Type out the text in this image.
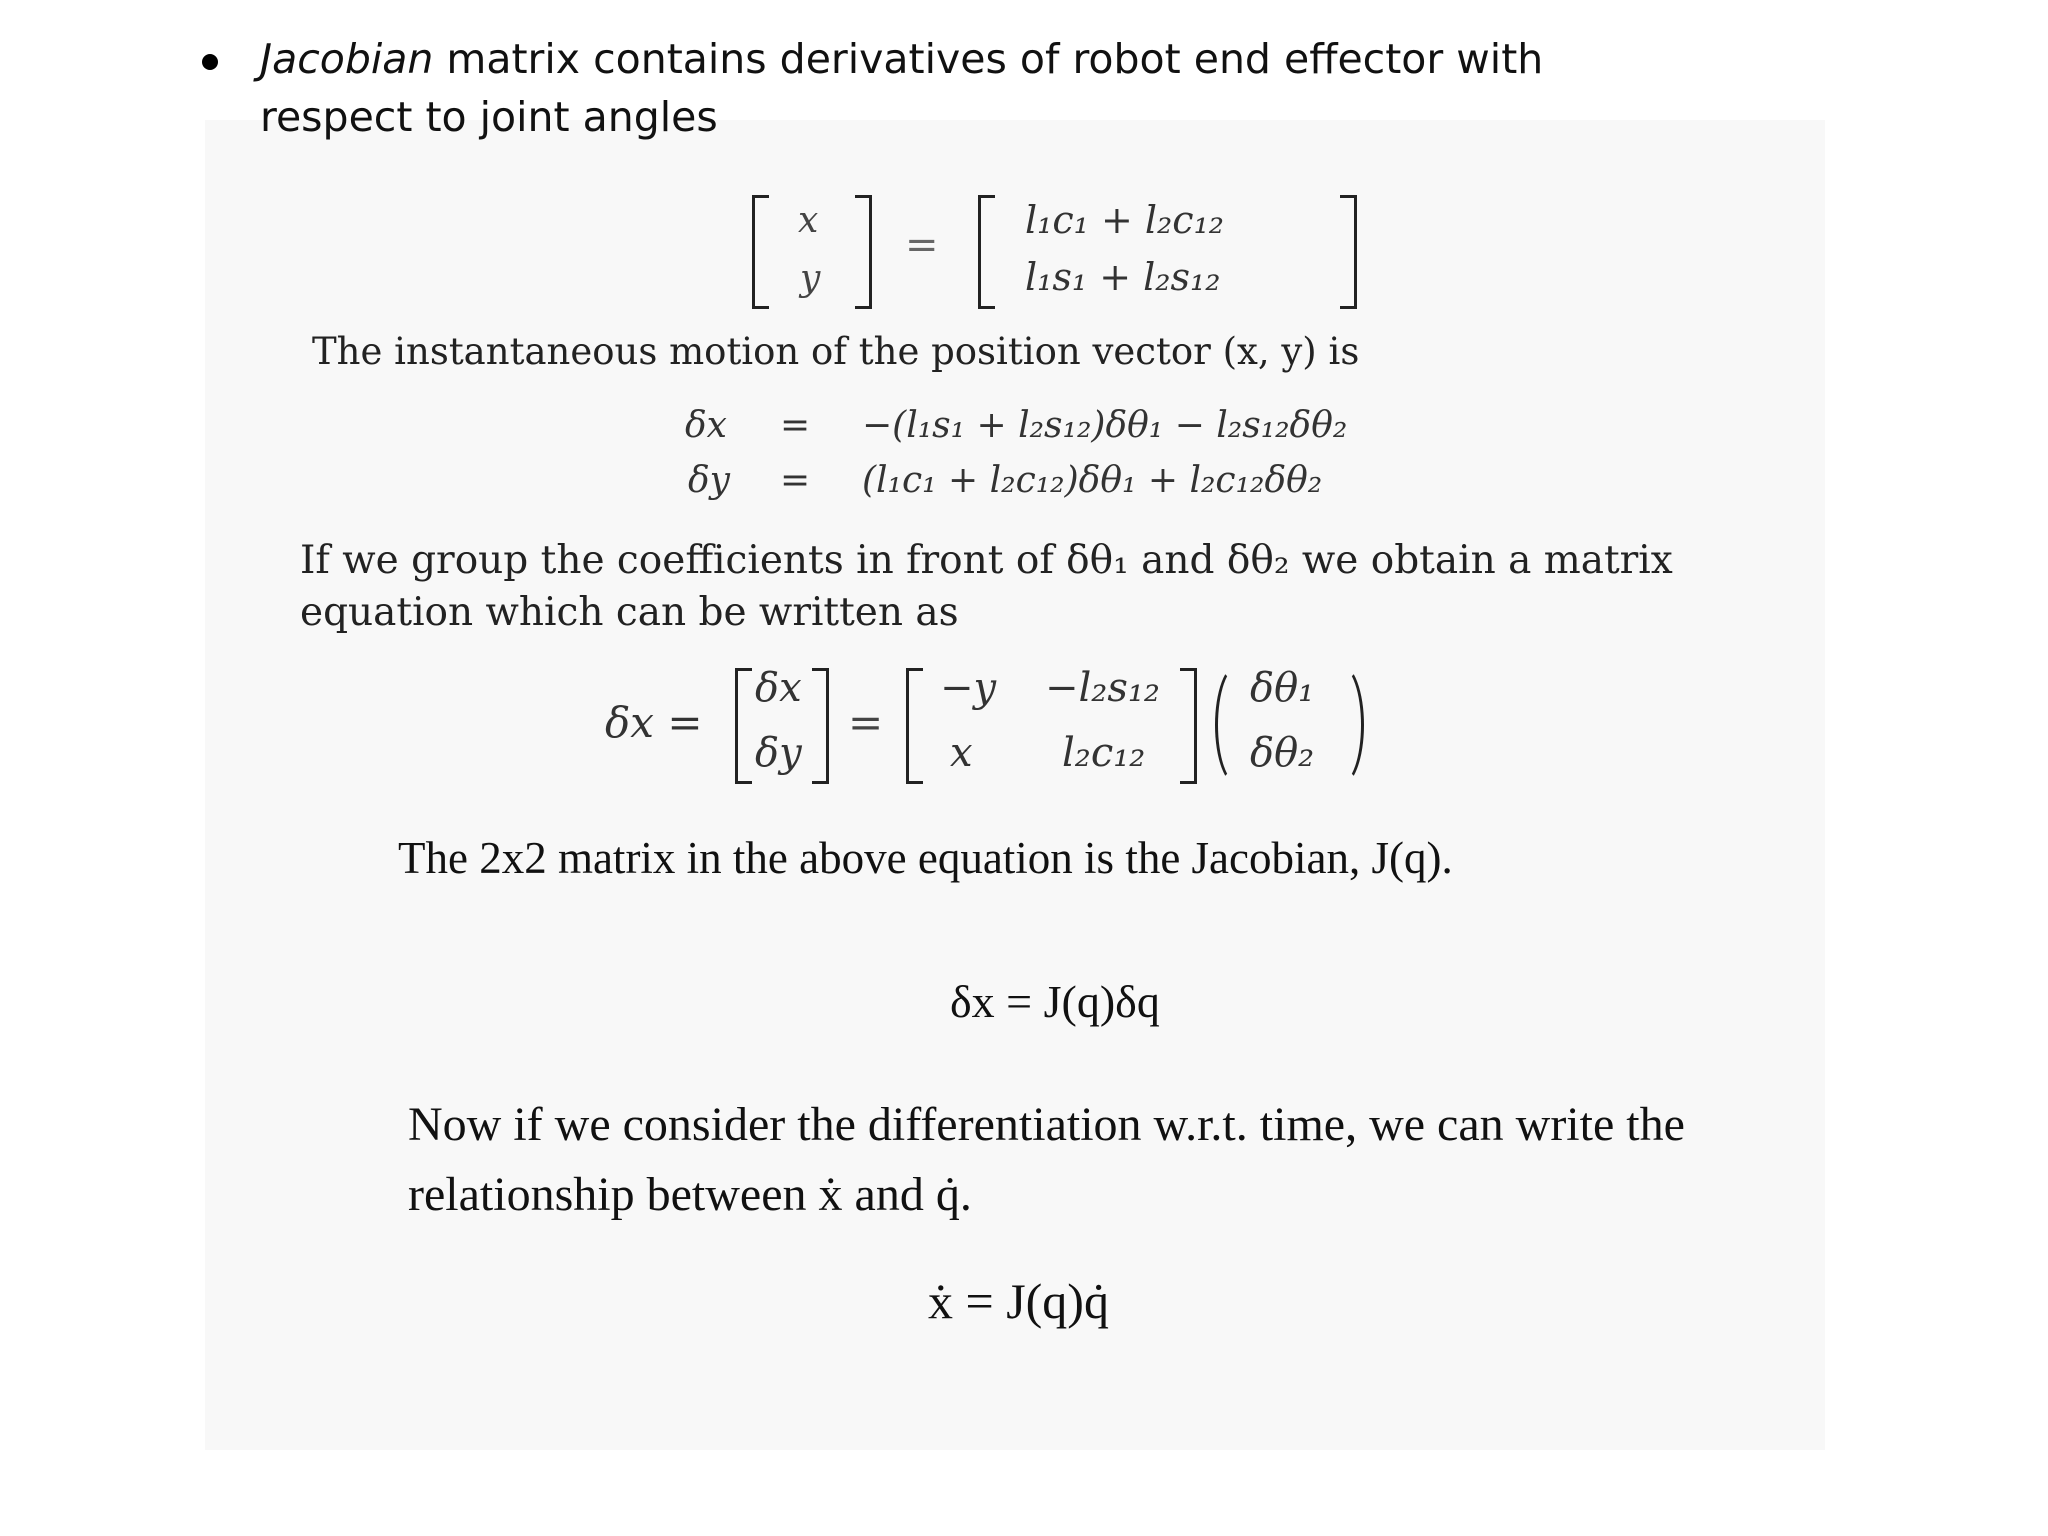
Jacobian matrix contains derivatives of robot end effector with
respect to joint angles
x
y
=
l₁c₁ + l₂c₁₂
l₁s₁ + l₂s₁₂
The instantaneous motion of the position vector (x, y) is
δx = −(l₁s₁ + l₂s₁₂)δθ₁ − l₂s₁₂δθ₂
δy = (l₁c₁ + l₂c₁₂)δθ₁ + l₂c₁₂δθ₂
If we group the coefficients in front of δθ₁ and δθ₂ we obtain a matrix
equation which can be written as
δx =
δx
δy
=
−y −l₂s₁₂
x l₂c₁₂
δθ₁
δθ₂
The 2x2 matrix in the above equation is the Jacobian, J(q).
δx = J(q)δq
Now if we consider the differentiation w.r.t. time, we can write the
relationship between ẋ and q̇.
ẋ = J(q)q̇
